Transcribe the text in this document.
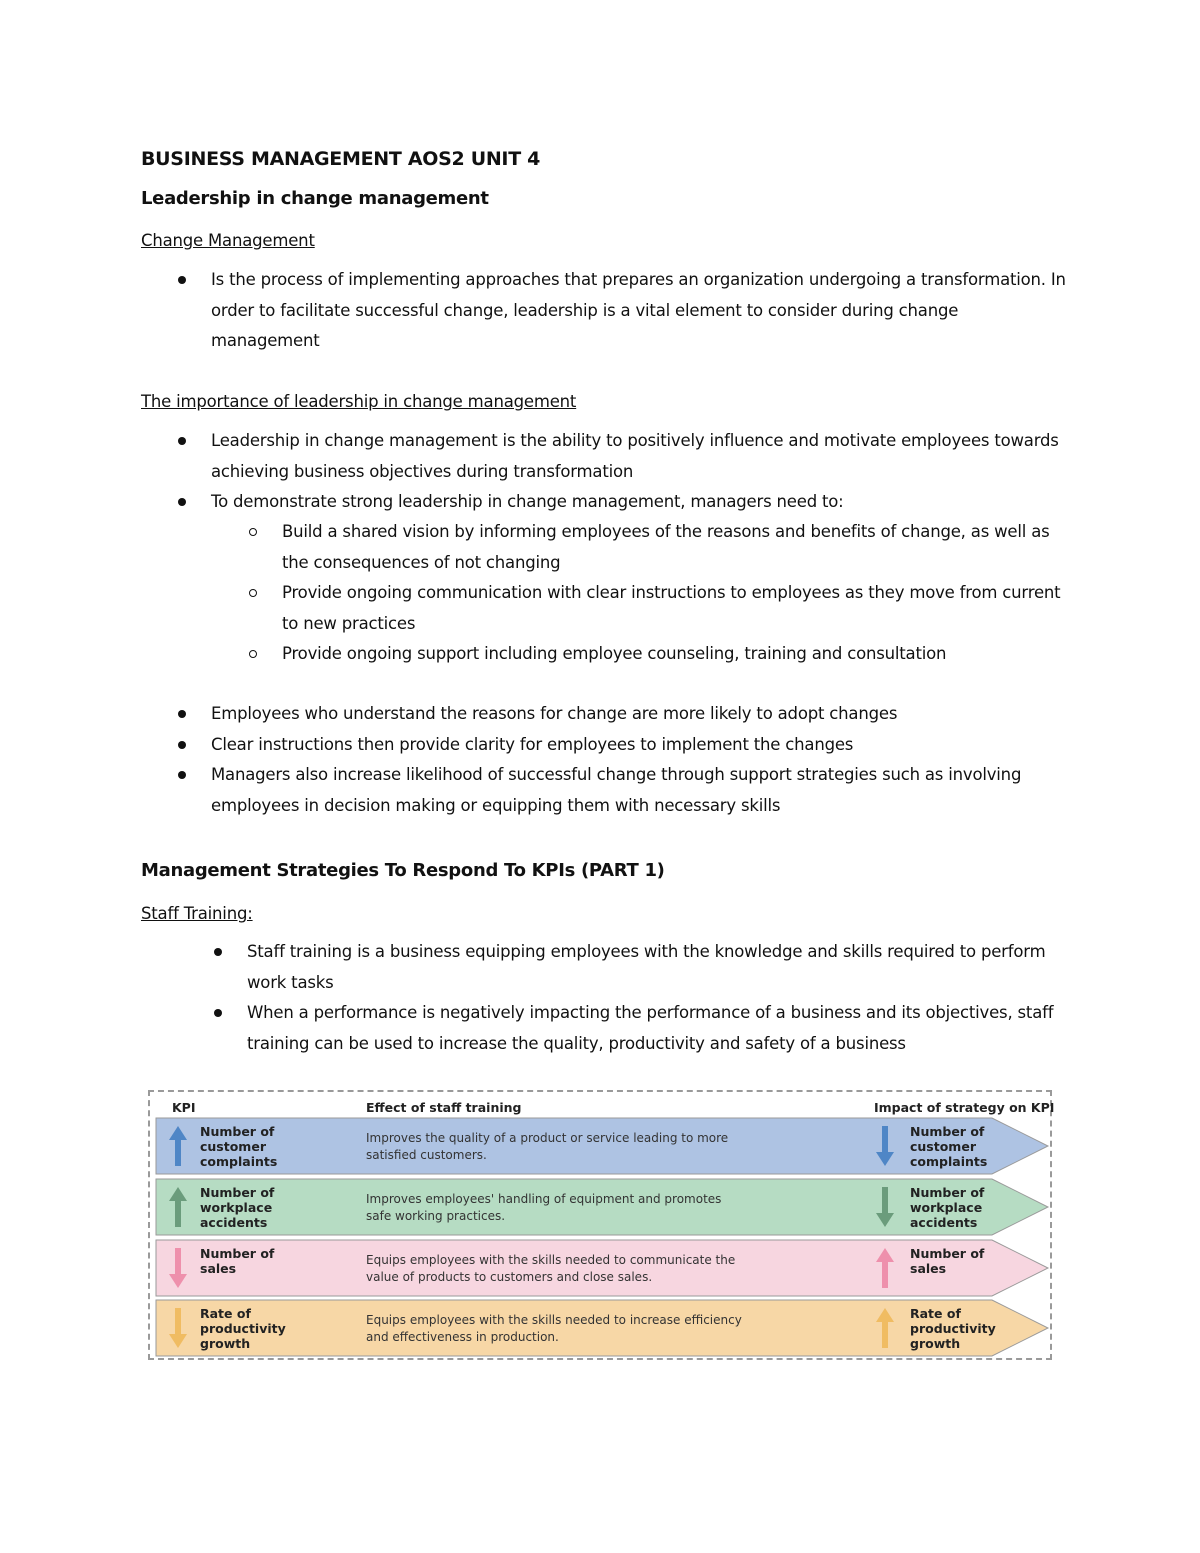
BUSINESS MANAGEMENT AOS2 UNIT 4
Leadership in change management
Change Management
Is the process of implementing approaches that prepares an organization undergoing a transformation. In order to facilitate successful change, leadership is a vital element to consider during change management
The importance of leadership in change management
Leadership in change management is the ability to positively influence and motivate employees towards achieving business objectives during transformation
To demonstrate strong leadership in change management, managers need to:
Build a shared vision by informing employees of the reasons and benefits of change, as well as the consequences of not changing
Provide ongoing communication with clear instructions to employees as they move from current to new practices
Provide ongoing support including employee counseling, training and consultation
Employees who understand the reasons for change are more likely to adopt changes
Clear instructions then provide clarity for employees to implement the changes
Managers also increase likelihood of successful change through support strategies such as involving employees in decision making or equipping them with necessary skills
Management Strategies To Respond To KPIs (PART 1)
Staff Training:
Staff training is a business equipping employees with the knowledge and skills required to perform work tasks
When a performance is negatively impacting the performance of a business and its objectives, staff training can be used to increase the quality, productivity and safety of a business
KPI	Effect of staff training	Impact of strategy on KPI
Number of customer complaints
Improves the quality of a product or service leading to more satisfied customers.
Number of customer complaints
Number of workplace accidents
Improves employees' handling of equipment and promotes safe working practices.
Number of workplace accidents
Number of sales
Equips employees with the skills needed to communicate the value of products to customers and close sales.
Number of sales
Rate of productivity growth
Equips employees with the skills needed to increase efficiency and effectiveness in production.
Rate of productivity growth
